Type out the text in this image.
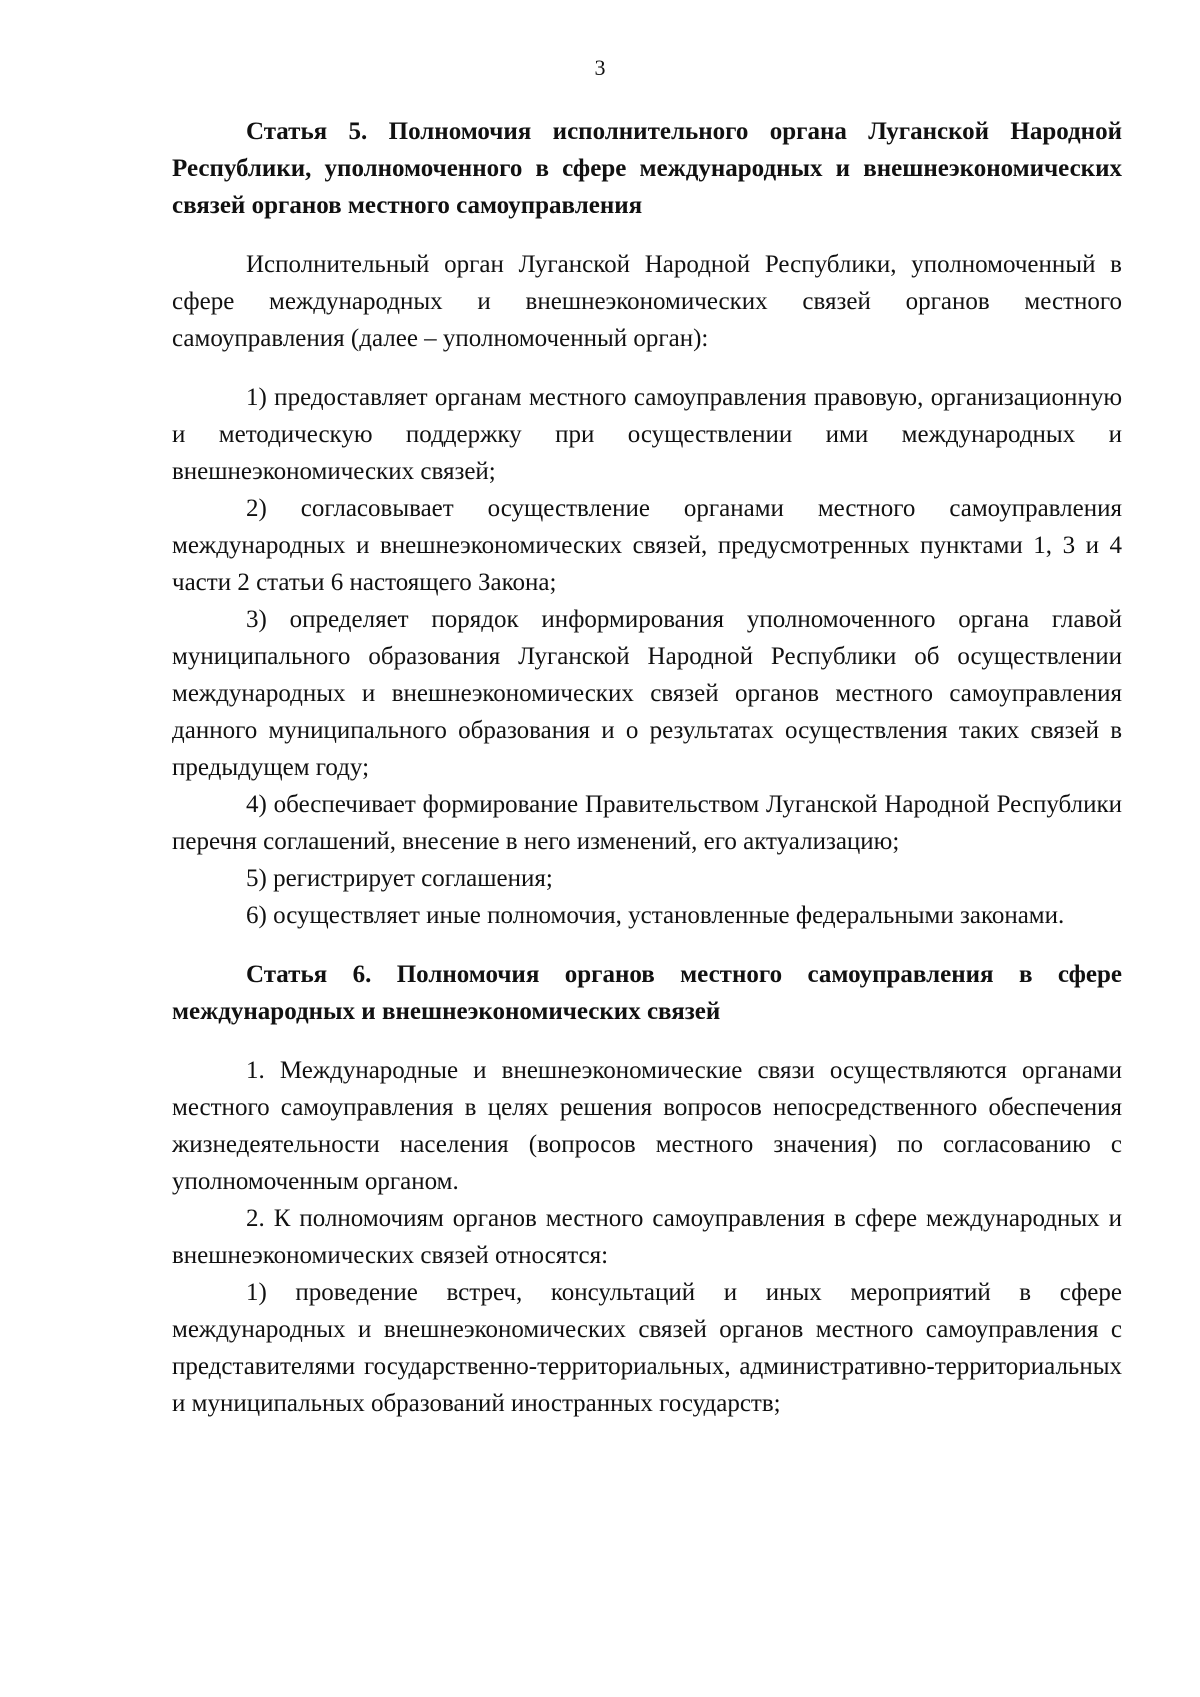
3

Статья 5. Полномочия исполнительного органа Луганской Народной Республики, уполномоченного в сфере международных и внешнеэкономических связей органов местного самоуправления

Исполнительный орган Луганской Народной Республики, уполномоченный в сфере международных и внешнеэкономических связей органов местного самоуправления (далее – уполномоченный орган):

1) предоставляет органам местного самоуправления правовую, организационную и методическую поддержку при осуществлении ими международных и внешнеэкономических связей;

2) согласовывает осуществление органами местного самоуправления международных и внешнеэкономических связей, предусмотренных пунктами 1, 3 и 4 части 2 статьи 6 настоящего Закона;

3) определяет порядок информирования уполномоченного органа главой муниципального образования Луганской Народной Республики об осуществлении международных и внешнеэкономических связей органов местного самоуправления данного муниципального образования и о результатах осуществления таких связей в предыдущем году;

4) обеспечивает формирование Правительством Луганской Народной Республики перечня соглашений, внесение в него изменений, его актуализацию;

5) регистрирует соглашения;

6) осуществляет иные полномочия, установленные федеральными законами.

Статья 6. Полномочия органов местного самоуправления в сфере международных и внешнеэкономических связей

1. Международные и внешнеэкономические связи осуществляются органами местного самоуправления в целях решения вопросов непосредственного обеспечения жизнедеятельности населения (вопросов местного значения) по согласованию с уполномоченным органом.

2. К полномочиям органов местного самоуправления в сфере международных и внешнеэкономических связей относятся:

1) проведение встреч, консультаций и иных мероприятий в сфере международных и внешнеэкономических связей органов местного самоуправления с представителями государственно-территориальных, административно-территориальных и муниципальных образований иностранных государств;
